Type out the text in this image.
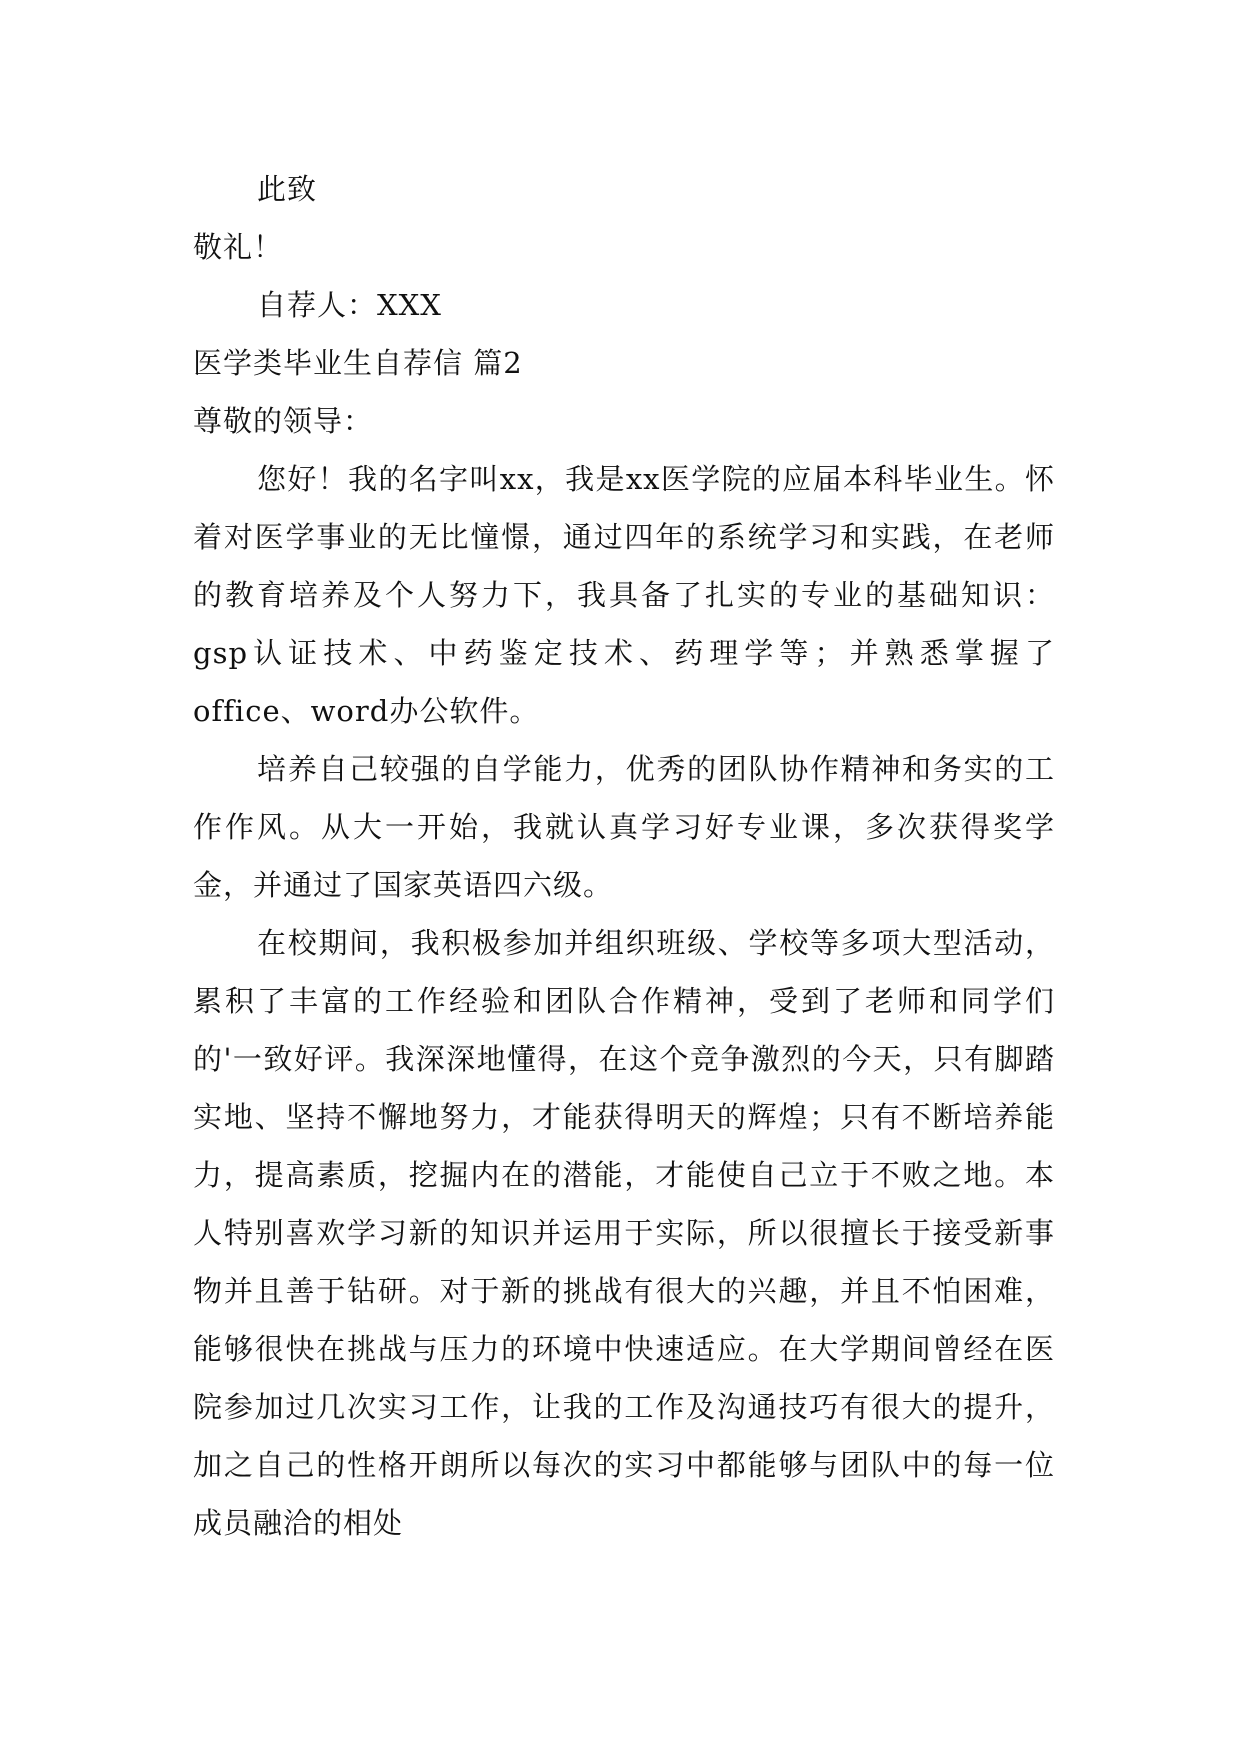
此致
敬礼！
自荐人：XXX
医学类毕业生自荐信 篇2
尊敬的领导：
您好！我的名字叫xx，我是xx医学院的应届本科毕业生。怀着对医学事业的无比憧憬，通过四年的系统学习和实践，在老师的教育培养及个人努力下，我具备了扎实的专业的基础知识：gsp认证技术、中药鉴定技术、药理学等；并熟悉掌握了office、word办公软件。
培养自己较强的自学能力，优秀的团队协作精神和务实的工作作风。从大一开始，我就认真学习好专业课，多次获得奖学金，并通过了国家英语四六级。
在校期间，我积极参加并组织班级、学校等多项大型活动，累积了丰富的工作经验和团队合作精神，受到了老师和同学们的'一致好评。我深深地懂得，在这个竞争激烈的今天，只有脚踏实地、坚持不懈地努力，才能获得明天的辉煌；只有不断培养能力，提高素质，挖掘内在的潜能，才能使自己立于不败之地。本人特别喜欢学习新的知识并运用于实际，所以很擅长于接受新事物并且善于钻研。对于新的挑战有很大的兴趣，并且不怕困难，能够很快在挑战与压力的环境中快速适应。在大学期间曾经在医院参加过几次实习工作，让我的工作及沟通技巧有很大的提升，加之自己的性格开朗所以每次的实习中都能够与团队中的每一位成员融洽的相处
